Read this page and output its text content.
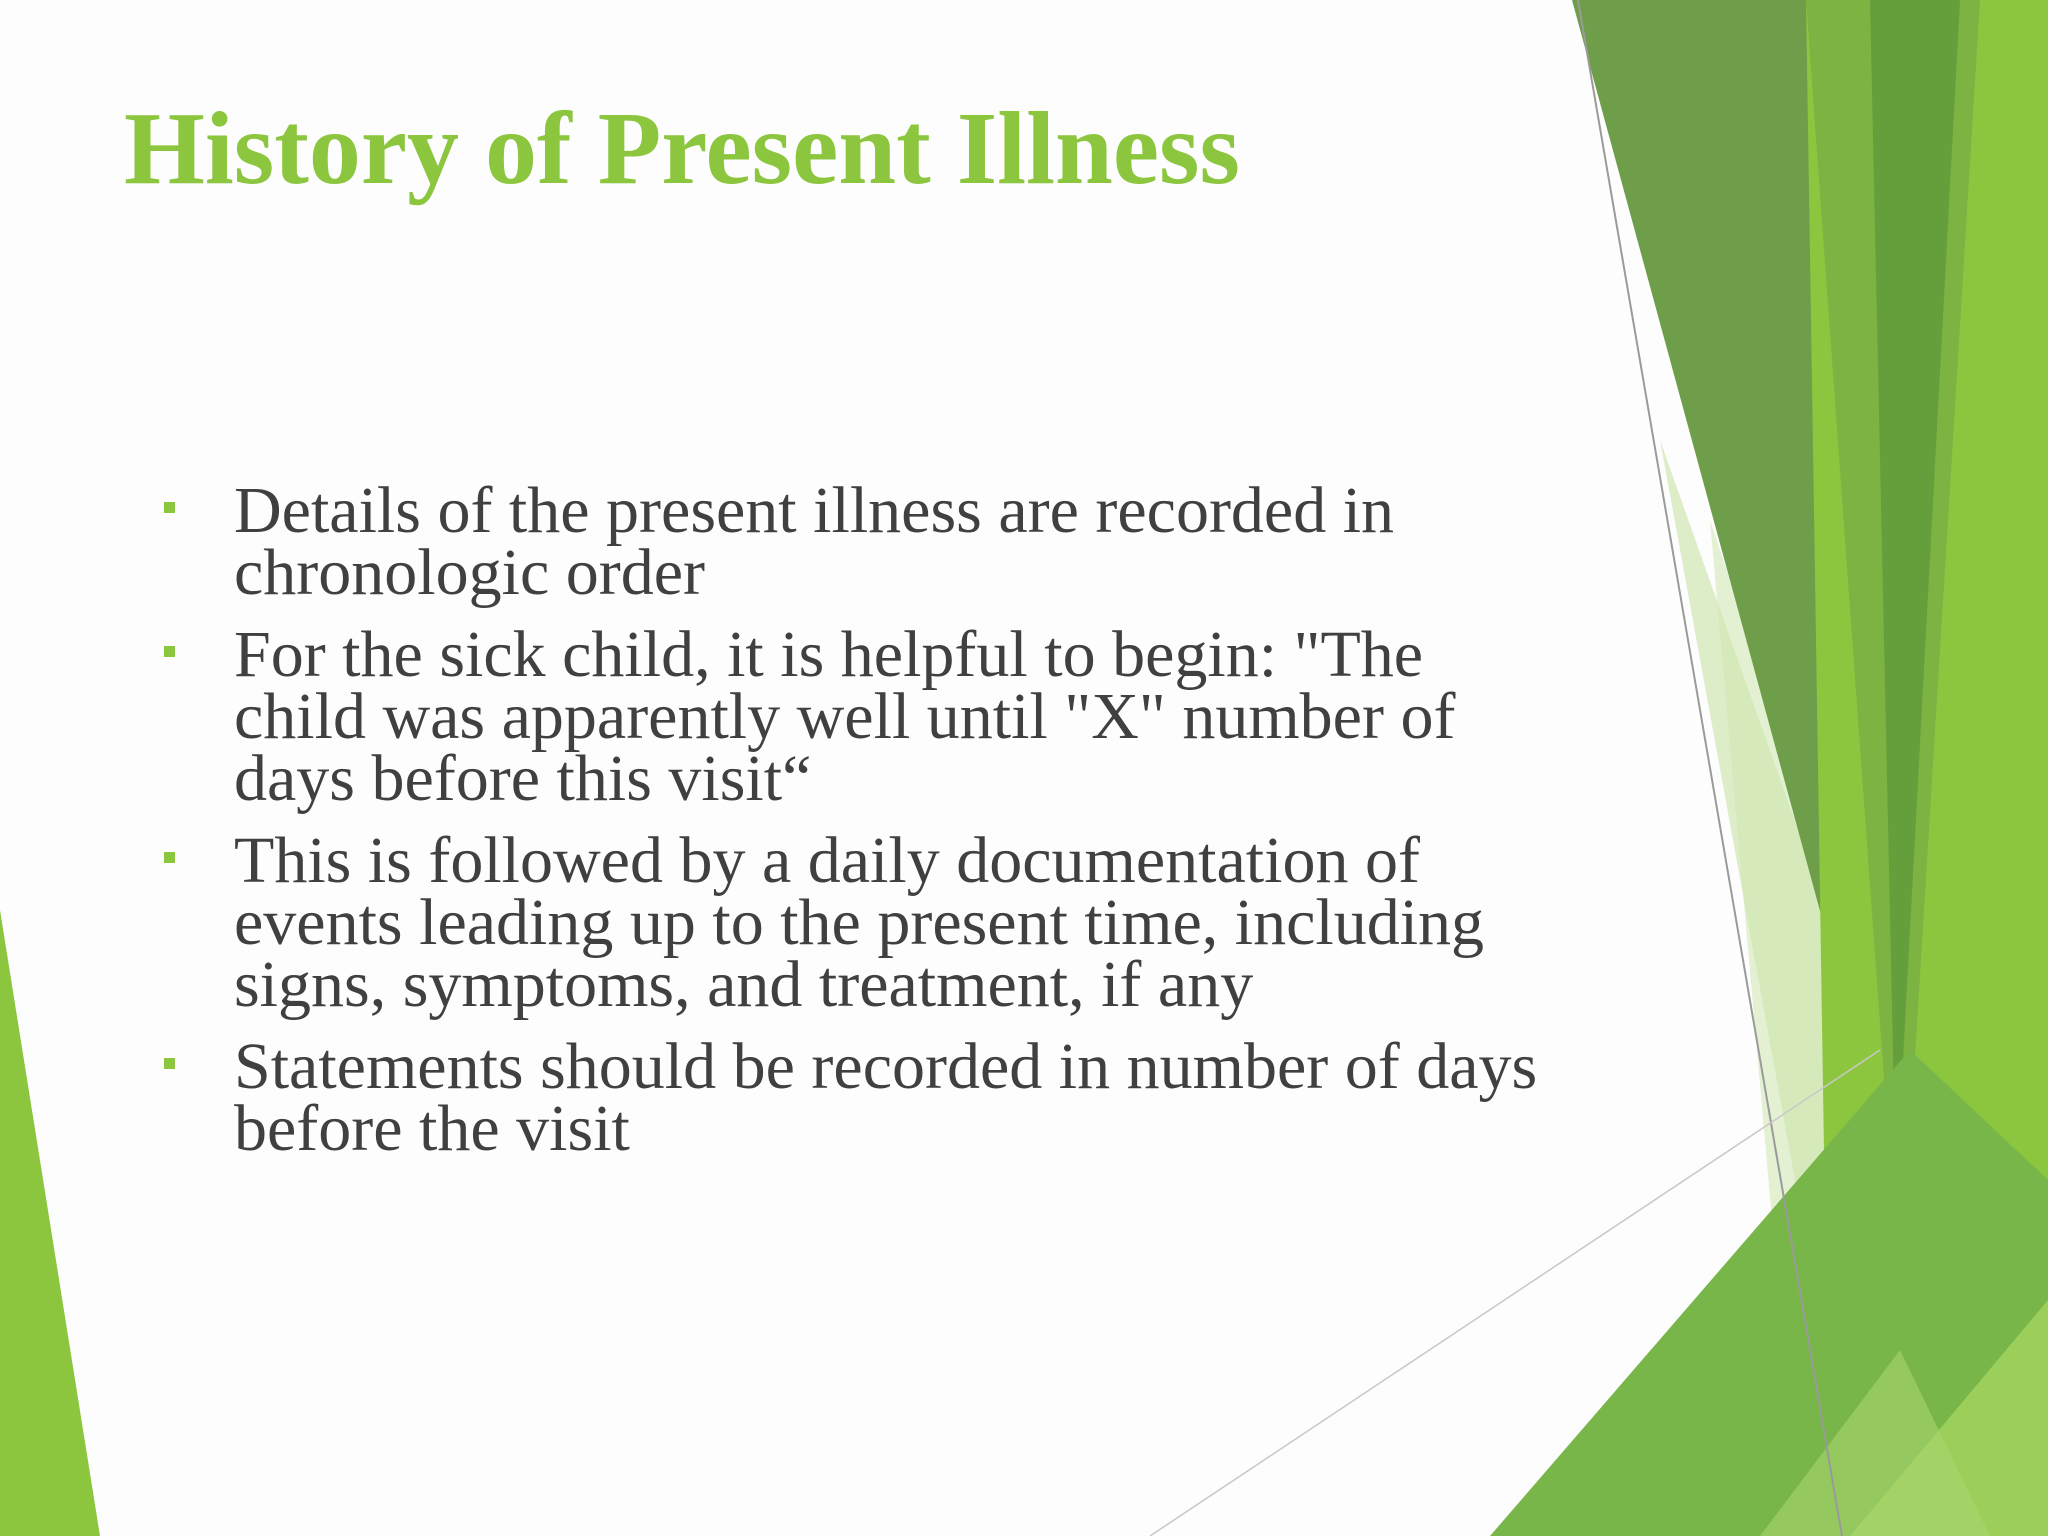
History of Present Illness
Details of the present illness are recorded in chronologic order
For the sick child, it is helpful to begin: "The child was apparently well until "X" number of days before this visit“
This is followed by a daily documentation of events leading up to the present time, including signs, symptoms, and treatment, if any
Statements should be recorded in number of days before the visit
